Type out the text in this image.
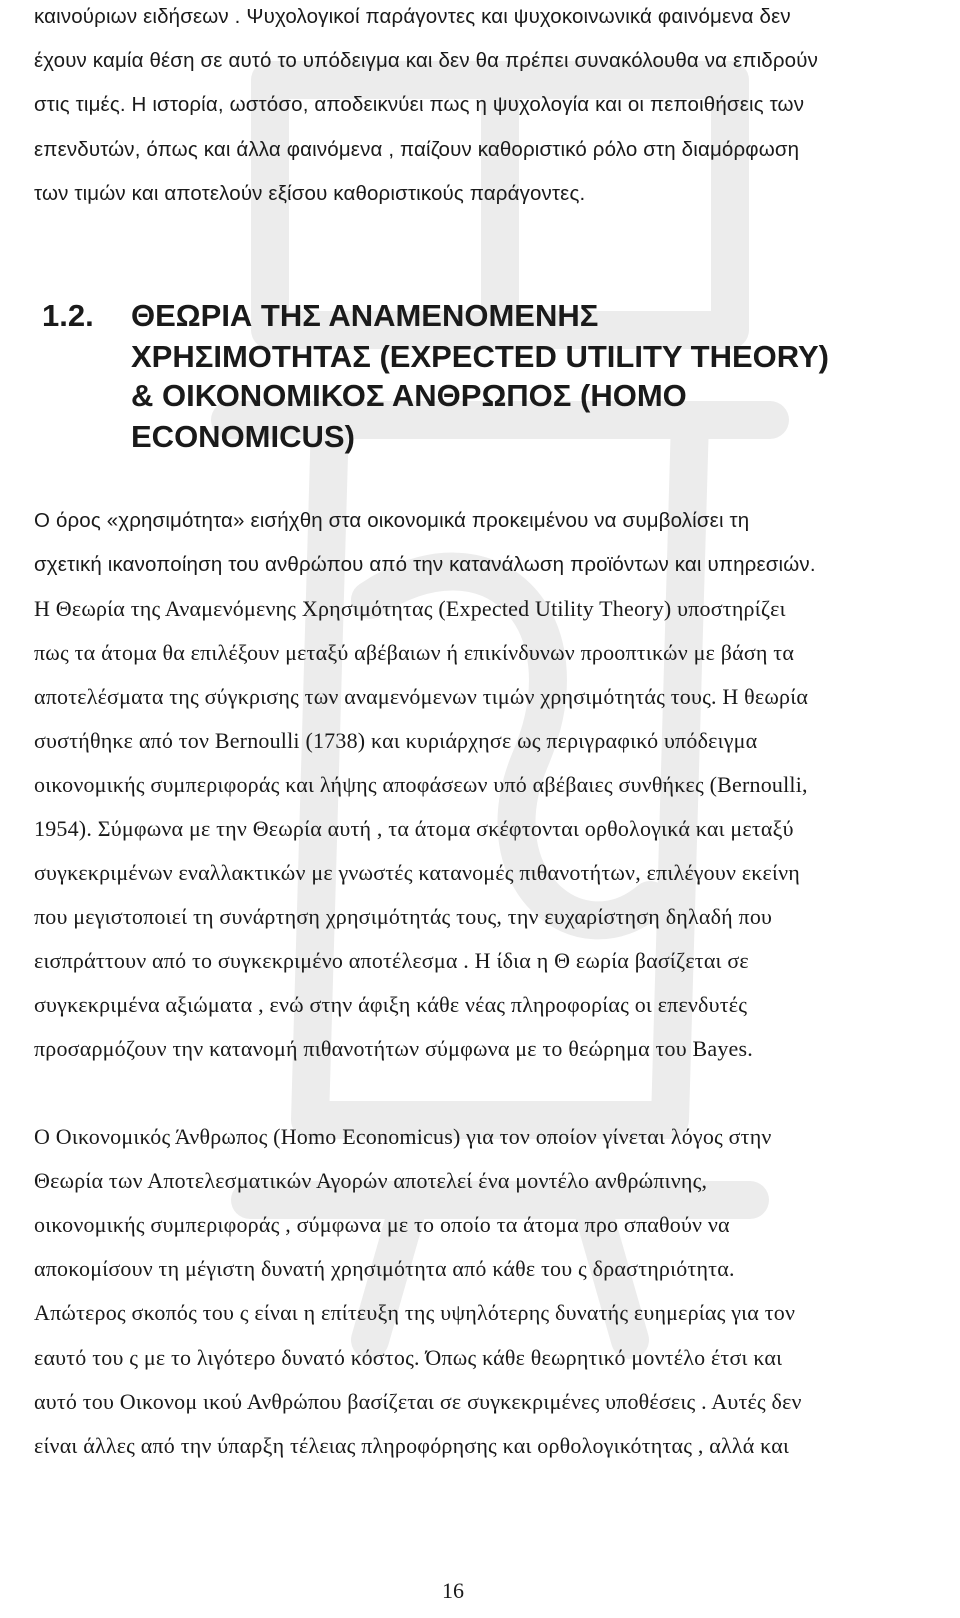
καινούριων ειδήσεων . Ψυχολογικοί παράγοντες και ψυχοκοινωνικά φαινόμενα δεν
έχουν καμία θέση σε αυτό το υπόδειγμα και δεν θα πρέπει συνακόλουθα να επιδρούν
στις τιμές. Η ιστορία, ωστόσο, αποδεικνύει πως η ψυχολογία και οι πεποιθήσεις των
επενδυτών, όπως και άλλα φαινόμενα , παίζουν καθοριστικό ρόλο στη διαμόρφωση
των τιμών και αποτελούν εξίσου καθοριστικούς παράγοντες.
1.2. ΘΕΩΡΙΑ ΤΗΣ ΑΝΑΜΕΝΟΜΕΝΗΣ
ΧΡΗΣΙΜΟΤΗΤΑΣ (EXPECTED UTILITY THEORY)
& ΟΙΚΟΝΟΜΙΚΟΣ ΑΝΘΡΩΠΟΣ (HOMO
ECONOMICUS)
Ο όρος «χρησιμότητα» εισήχθη στα οικονομικά προκειμένου να συμβολίσει τη
σχετική ικανοποίηση του ανθρώπου από την κατανάλωση προϊόντων και υπηρεσιών.
Η Θεωρία της Αναμενόμενης Χρησιμότητας (Expected Utility Theory) υποστηρίζει
πως τα άτομα θα επιλέξουν μεταξύ αβέβαιων ή επικίνδυνων προοπτικών με βάση τα
αποτελέσματα της σύγκρισης των αναμενόμενων τιμών χρησιμότητάς τους. Η θεωρία
συστήθηκε από τον Bernoulli (1738) και κυριάρχησε ως περιγραφικό υπόδειγμα
οικονομικής συμπεριφοράς και λήψης αποφάσεων υπό αβέβαιες συνθήκες (Bernoulli,
1954). Σύμφωνα με την Θεωρία αυτή , τα άτομα σκέφτονται ορθολογικά και μεταξύ
συγκεκριμένων εναλλακτικών με γνωστές κατανομές πιθανοτήτων, επιλέγουν εκείνη
που μεγιστοποιεί τη συνάρτηση χρησιμότητάς τους, την ευχαρίστηση δηλαδή που
εισπράττουν από το συγκεκριμένο αποτέλεσμα . Η ίδια η Θ εωρία βασίζεται σε
συγκεκριμένα αξιώματα , ενώ στην άφιξη κάθε νέας πληροφορίας οι επενδυτές
προσαρμόζουν την κατανομή πιθανοτήτων σύμφωνα με το θεώρημα του Bayes.
Ο Οικονομικός Άνθρωπος (Homo Economicus) για τον οποίον γίνεται λόγος στην
Θεωρία των Αποτελεσματικών Αγορών αποτελεί ένα μοντέλο ανθρώπινης,
οικονομικής συμπεριφοράς , σύμφωνα με το οποίο τα άτομα προ σπαθούν να
αποκομίσουν τη μέγιστη δυνατή χρησιμότητα από κάθε του ς δραστηριότητα.
Απώτερος σκοπός του ς είναι η επίτευξη της υψηλότερης δυνατής ευημερίας για τον
εαυτό του ς με το λιγότερο δυνατό κόστος. Όπως κάθε θεωρητικό μοντέλο έτσι και
αυτό του Οικονομ ικού Ανθρώπου βασίζεται σε συγκεκριμένες υποθέσεις . Αυτές δεν
είναι άλλες από την ύπαρξη τέλειας πληροφόρησης και ορθολογικότητας , αλλά και
16
